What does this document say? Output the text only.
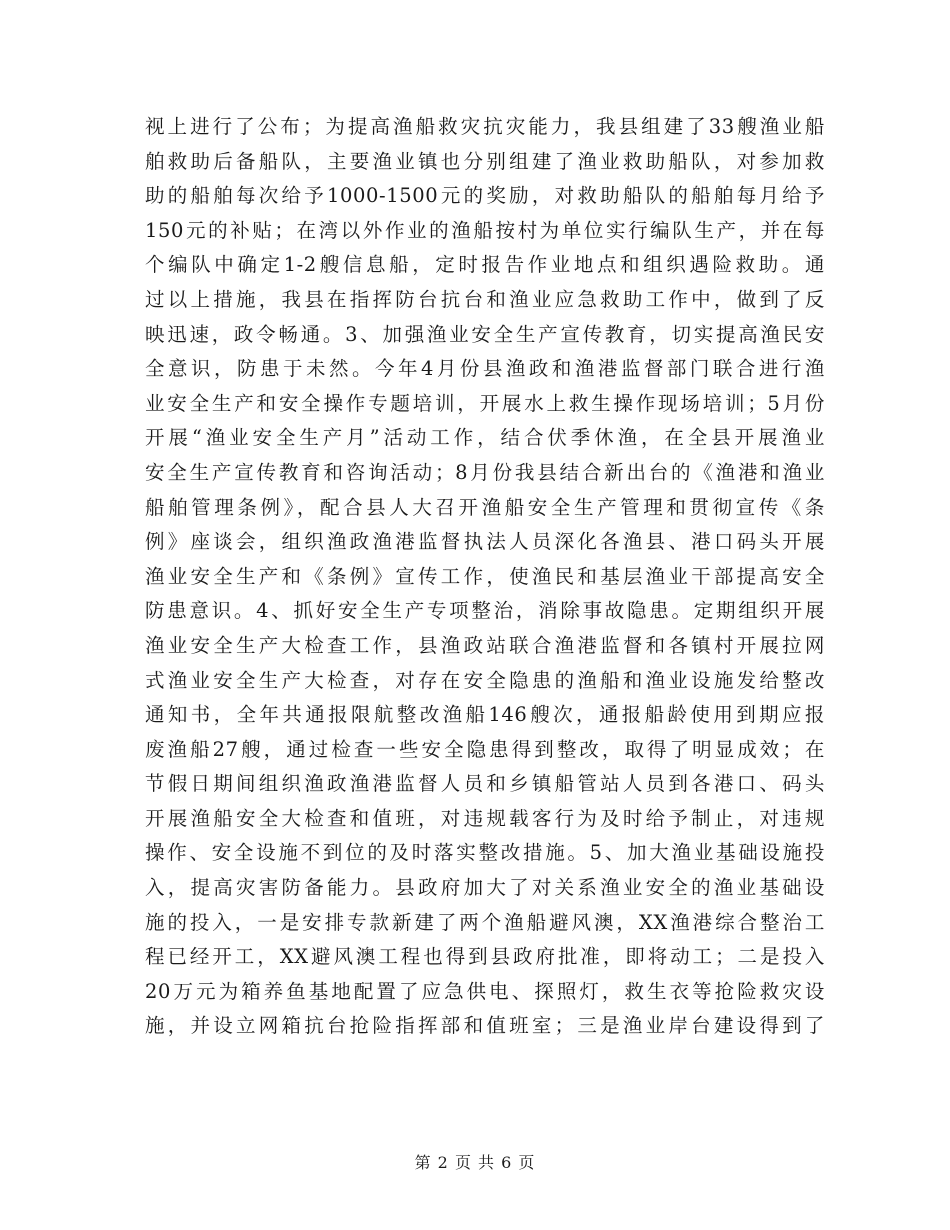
视上进行了公布；为提高渔船救灾抗灾能力，我县组建了33艘渔业船
舶救助后备船队，主要渔业镇也分别组建了渔业救助船队，对参加救
助的船舶每次给予1000-1500元的奖励，对救助船队的船舶每月给予
150元的补贴；在湾以外作业的渔船按村为单位实行编队生产，并在每
个编队中确定1-2艘信息船，定时报告作业地点和组织遇险救助。通
过以上措施，我县在指挥防台抗台和渔业应急救助工作中，做到了反
映迅速，政令畅通。3、加强渔业安全生产宣传教育，切实提高渔民安
全意识，防患于未然。今年4月份县渔政和渔港监督部门联合进行渔
业安全生产和安全操作专题培训，开展水上救生操作现场培训；5月份
开展“渔业安全生产月”活动工作，结合伏季休渔，在全县开展渔业
安全生产宣传教育和咨询活动；8月份我县结合新出台的《渔港和渔业
船舶管理条例》，配合县人大召开渔船安全生产管理和贯彻宣传《条
例》座谈会，组织渔政渔港监督执法人员深化各渔县、港口码头开展
渔业安全生产和《条例》宣传工作，使渔民和基层渔业干部提高安全
防患意识。4、抓好安全生产专项整治，消除事故隐患。定期组织开展
渔业安全生产大检查工作，县渔政站联合渔港监督和各镇村开展拉网
式渔业安全生产大检查，对存在安全隐患的渔船和渔业设施发给整改
通知书，全年共通报限航整改渔船146艘次，通报船龄使用到期应报
废渔船27艘，通过检查一些安全隐患得到整改，取得了明显成效；在
节假日期间组织渔政渔港监督人员和乡镇船管站人员到各港口、码头
开展渔船安全大检查和值班，对违规载客行为及时给予制止，对违规
操作、安全设施不到位的及时落实整改措施。5、加大渔业基础设施投
入，提高灾害防备能力。县政府加大了对关系渔业安全的渔业基础设
施的投入，一是安排专款新建了两个渔船避风澳，XX渔港综合整治工
程已经开工，XX避风澳工程也得到县政府批准，即将动工；二是投入
20万元为箱养鱼基地配置了应急供电、探照灯，救生衣等抢险救灾设
施，并设立网箱抗台抢险指挥部和值班室；三是渔业岸台建设得到了
第 2 页 共 6 页
